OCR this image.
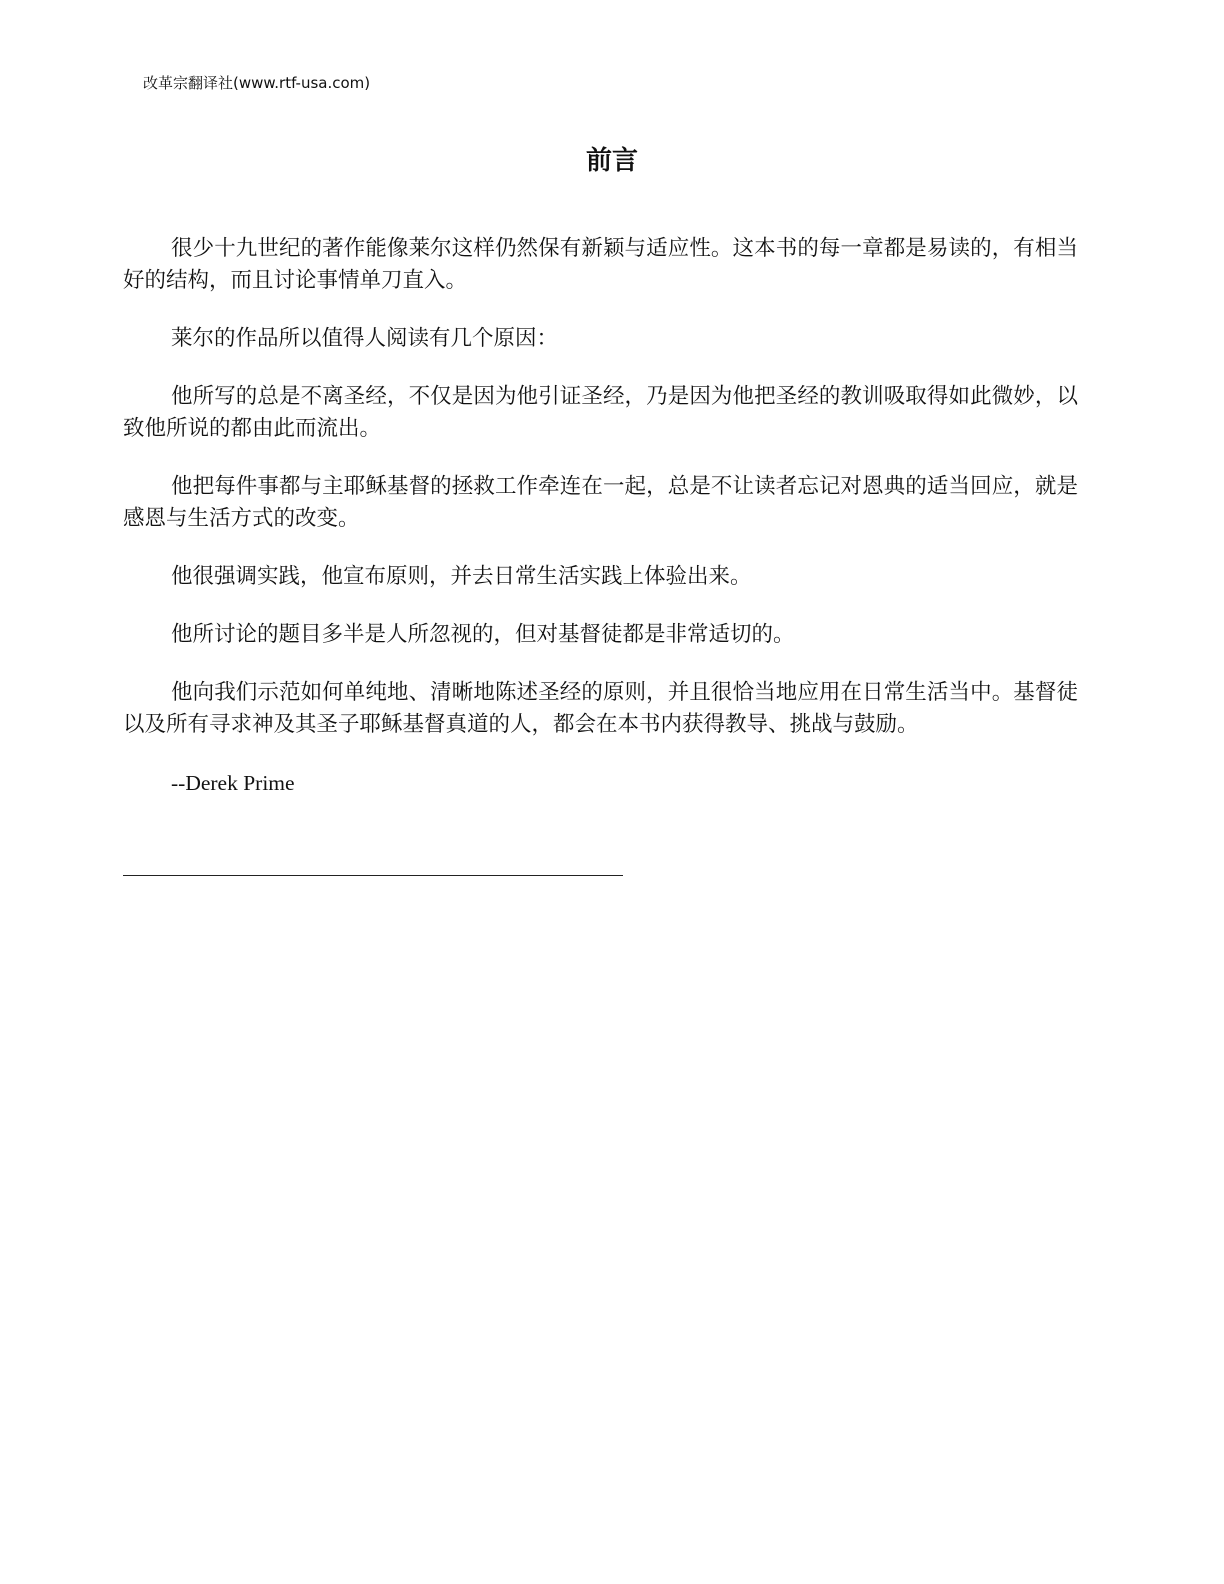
改革宗翻译社(www.rtf-usa.com)
前言

很少十九世纪的著作能像莱尔这样仍然保有新颖与适应性。这本书的每一章都是易读的，有相当好的结构，而且讨论事情单刀直入。

莱尔的作品所以值得人阅读有几个原因：

他所写的总是不离圣经，不仅是因为他引证圣经，乃是因为他把圣经的教训吸取得如此微妙，以致他所说的都由此而流出。

他把每件事都与主耶稣基督的拯救工作牵连在一起，总是不让读者忘记对恩典的适当回应，就是感恩与生活方式的改变。

他很强调实践，他宣布原则，并去日常生活实践上体验出来。

他所讨论的题目多半是人所忽视的，但对基督徒都是非常适切的。

他向我们示范如何单纯地、清晰地陈述圣经的原则，并且很恰当地应用在日常生活当中。基督徒以及所有寻求神及其圣子耶稣基督真道的人，都会在本书内获得教导、挑战与鼓励。

--Derek Prime
